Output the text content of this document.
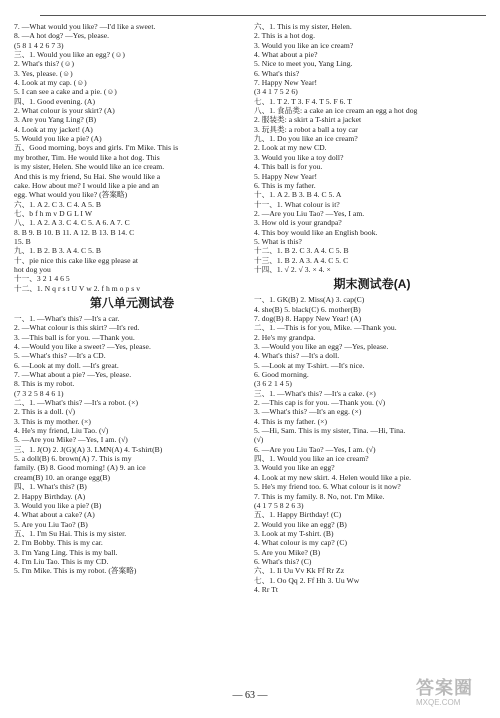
7. —What would you like? —I'd like a sweet.
8. —A hot dog? —Yes, please.
(5 8 1 4 2 6 7 3)
三、1. Would you like an egg? (☺)
2. What's this? (☺)
3. Yes, please. (☺)
4. Look at my cap. (☺)
5. I can see a cake and a pie. (☺)
四、1. Good evening. (A)
2. What colour is your skirt? (A)
3. Are you Yang Ling? (B)
4. Look at my jacket! (A)
5. Would you like a pie? (A)
五、Good morning, boys and girls. I'm Mike. This is
my brother, Tim. He would like a hot dog. This
is my sister, Helen. She would like an ice cream.
And this is my friend, Su Hai. She would like a
cake. How about me? I would like a pie and an
egg. What would you like? (答案略)
六、1. A 2. C 3. C 4. A 5. B
七、b f h m v D G L I W
八、1. A 2. A 3. C 4. C 5. A 6. A 7. C
8. B 9. B 10. B 11. A 12. B 13. B 14. C
15. B
九、1. B 2. B 3. A 4. C 5. B
十、pie nice this cake like egg please at
hot dog you
十一、3 2 1 4 6 5
十二、1. N q r s t U V w 2. f h m o p s v
第八单元测试卷
一、1. —What's this? —It's a car.
2. —What colour is this skirt? —It's red.
3. —This ball is for you. —Thank you.
4. —Would you like a sweet? —Yes, please.
5. —What's this? —It's a CD.
6. —Look at my doll. —It's great.
7. —What about a pie? —Yes, please.
8. This is my robot.
(7 3 2 5 8 4 6 1)
二、1. —What's this? —It's a robot. (×)
2. This is a doll. (√)
3. This is my mother. (×)
4. He's my friend, Liu Tao. (√)
5. —Are you Mike? —Yes, I am. (√)
三、1. J(O) 2. J(G)(A) 3. LMN(A) 4. T-shirt(B)
5. a doll(B) 6. brown(A) 7. This is my
family. (B) 8. Good morning! (A) 9. an ice
cream(B) 10. an orange egg(B)
四、1. What's this? (B)
2. Happy Birthday. (A)
3. Would you like a pie? (B)
4. What about a cake? (A)
5. Are you Liu Tao? (B)
五、1. I'm Su Hai. This is my sister.
2. I'm Bobby. This is my car.
3. I'm Yang Ling. This is my ball.
4. I'm Liu Tao. This is my CD.
5. I'm Mike. This is my robot. (答案略)
六、1. This is my sister, Helen.
2. This is a hot dog.
3. Would you like an ice cream?
4. What about a pie?
5. Nice to meet you, Yang Ling.
6. What's this?
7. Happy New Year!
(3 4 1 7 5 2 6)
七、1. T 2. T 3. F 4. T 5. F 6. T
八、1. 食品类: a cake an ice cream an egg a hot dog
2. 服装类: a skirt a T-shirt a jacket
3. 玩具类: a robot a ball a toy car
九、1. Do you like an ice cream?
2. Look at my new CD.
3. Would you like a toy doll?
4. This ball is for you.
5. Happy New Year!
6. This is my father.
十、1. A 2. B 3. B 4. C 5. A
十一、1. What colour is it?
2. —Are you Liu Tao? —Yes, I am.
3. How old is your grandpa?
4. This boy would like an English book.
5. What is this?
十二、1. B 2. C 3. A 4. C 5. B
十三、1. B 2. A 3. A 4. C 5. C
十四、1. √ 2. √ 3. × 4. ×
期末测试卷(A)
一、1. GK(B) 2. Miss(A) 3. cap(C)
4. she(B) 5. black(C) 6. mother(B)
7. dog(B) 8. Happy New Year! (A)
二、1. —This is for you, Mike. —Thank you.
2. He's my grandpa.
3. —Would you like an egg? —Yes, please.
4. What's this? —It's a doll.
5. —Look at my T-shirt. —It's nice.
6. Good morning.
(3 6 2 1 4 5)
三、1. —What's this? —It's a cake. (×)
2. —This cap is for you. —Thank you. (√)
3. —What's this? —It's an egg. (×)
4. This is my father. (×)
5. —Hi, Sam. This is my sister, Tina. —Hi, Tina.
(√)
6. —Are you Liu Tao? —Yes, I am. (√)
四、1. Would you like an ice cream?
3. Would you like an egg?
4. Look at my new skirt. 4. Helen would like a pie.
5. He's my friend too. 6. What colour is it now?
7. This is my family. 8. No, not. I'm Mike.
(4 1 7 5 8 2 6 3)
五、1. Happy Birthday! (C)
2. Would you like an egg? (B)
3. Look at my T-shirt. (B)
4. What colour is my cap? (C)
5. Are you Mike? (B)
6. What's this? (C)
六、1. Ii Uu Vv Kk Ff Rr Zz
七、1. Oo Qq 2. Ff Hh 3. Uu Ww
4. Rr Tt
— 63 —	答案圈
MXQE.COM
